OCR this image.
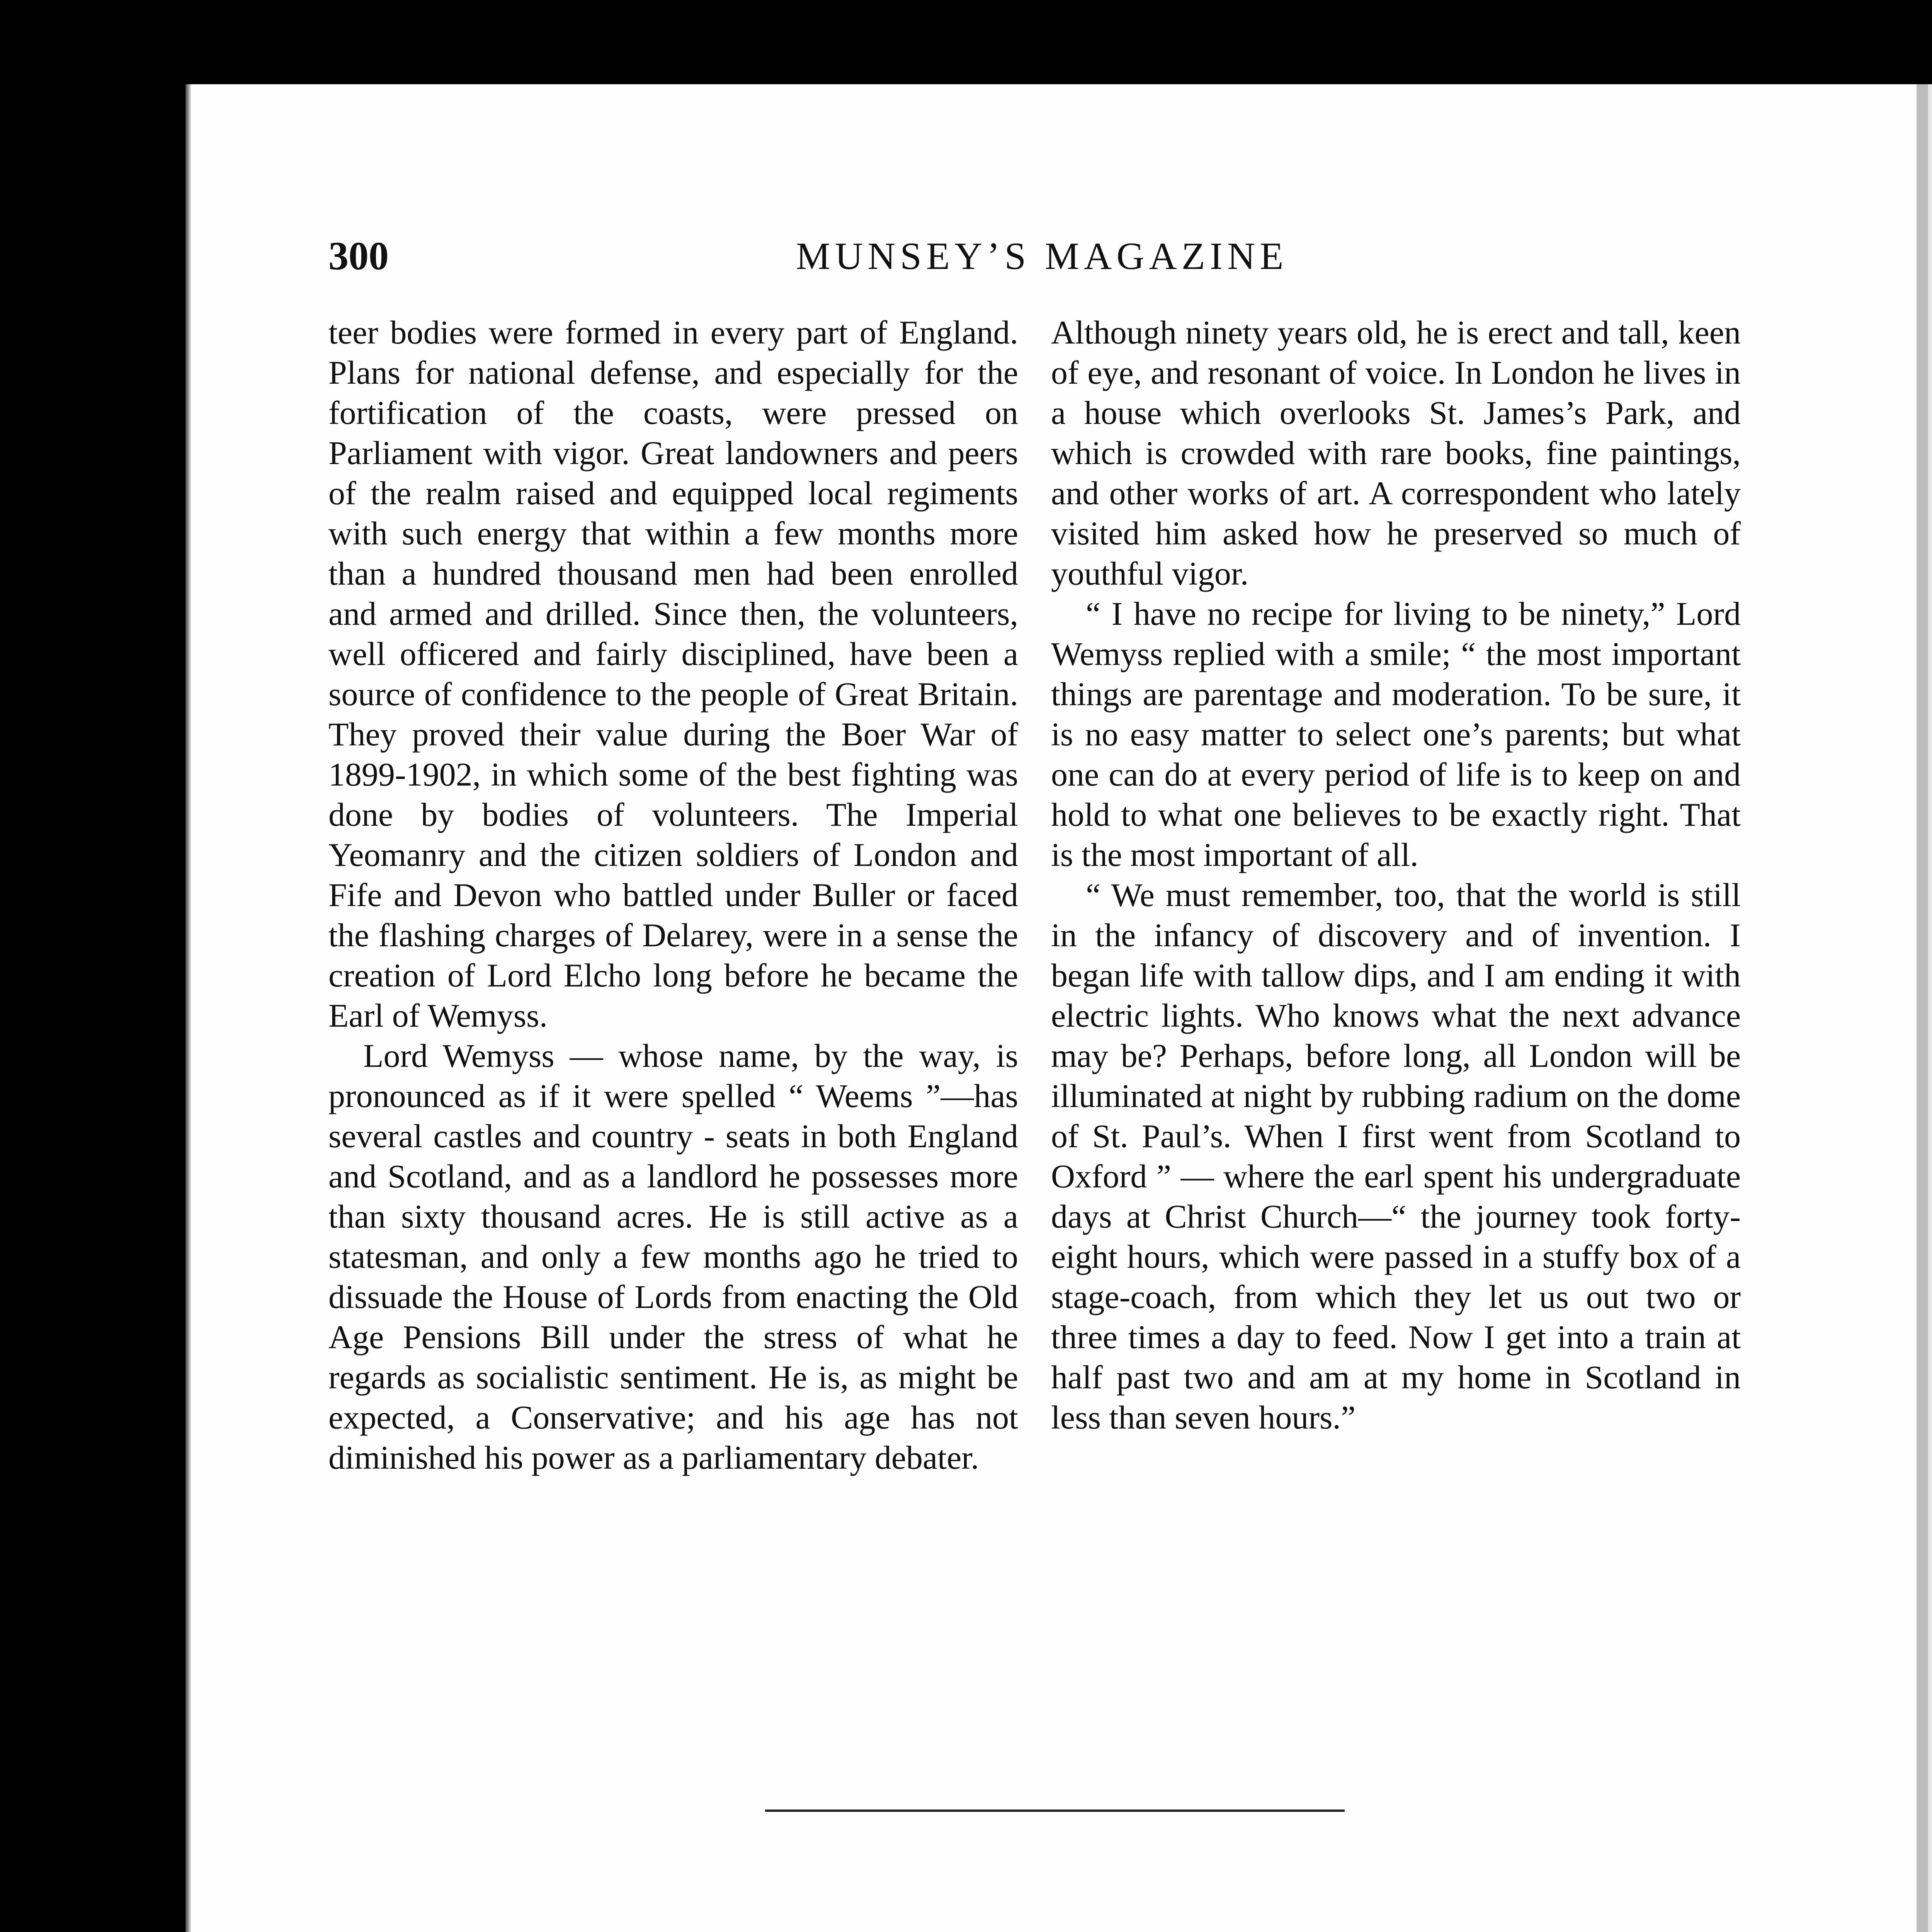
300	MUNSEY’S MAGAZINE

teer bodies were formed in every part of England. Plans for national defense, and especially for the fortification of the coasts, were pressed on Parliament with vigor. Great landowners and peers of the realm raised and equipped local regiments with such energy that within a few months more than a hundred thousand men had been enrolled and armed and drilled. Since then, the volunteers, well officered and fairly disciplined, have been a source of confidence to the people of Great Britain. They proved their value during the Boer War of 1899-1902, in which some of the best fighting was done by bodies of volunteers. The Imperial Yeomanry and the citizen soldiers of London and Fife and Devon who battled under Buller or faced the flashing charges of Delarey, were in a sense the creation of Lord Elcho long before he became the Earl of Wemyss.

Lord Wemyss — whose name, by the way, is pronounced as if it were spelled “ Weems ”—has several castles and country - seats in both England and Scotland, and as a landlord he possesses more than sixty thousand acres. He is still active as a statesman, and only a few months ago he tried to dissuade the House of Lords from enacting the Old Age Pensions Bill under the stress of what he regards as socialistic sentiment. He is, as might be expected, a Conservative; and his age has not diminished his power as a parliamentary debater.

Although ninety years old, he is erect and tall, keen of eye, and resonant of voice. In London he lives in a house which overlooks St. James’s Park, and which is crowded with rare books, fine paintings, and other works of art. A correspondent who lately visited him asked how he preserved so much of youthful vigor.

“ I have no recipe for living to be ninety,” Lord Wemyss replied with a smile; “ the most important things are parentage and moderation. To be sure, it is no easy matter to select one’s parents; but what one can do at every period of life is to keep on and hold to what one believes to be exactly right. That is the most important of all.

“ We must remember, too, that the world is still in the infancy of discovery and of invention. I began life with tallow dips, and I am ending it with electric lights. Who knows what the next advance may be? Perhaps, before long, all London will be illuminated at night by rubbing radium on the dome of St. Paul’s. When I first went from Scotland to Oxford ” — where the earl spent his undergraduate days at Christ Church—“ the journey took forty-eight hours, which were passed in a stuffy box of a stage-coach, from which they let us out two or three times a day to feed. Now I get into a train at half past two and am at my home in Scotland in less than seven hours.”
